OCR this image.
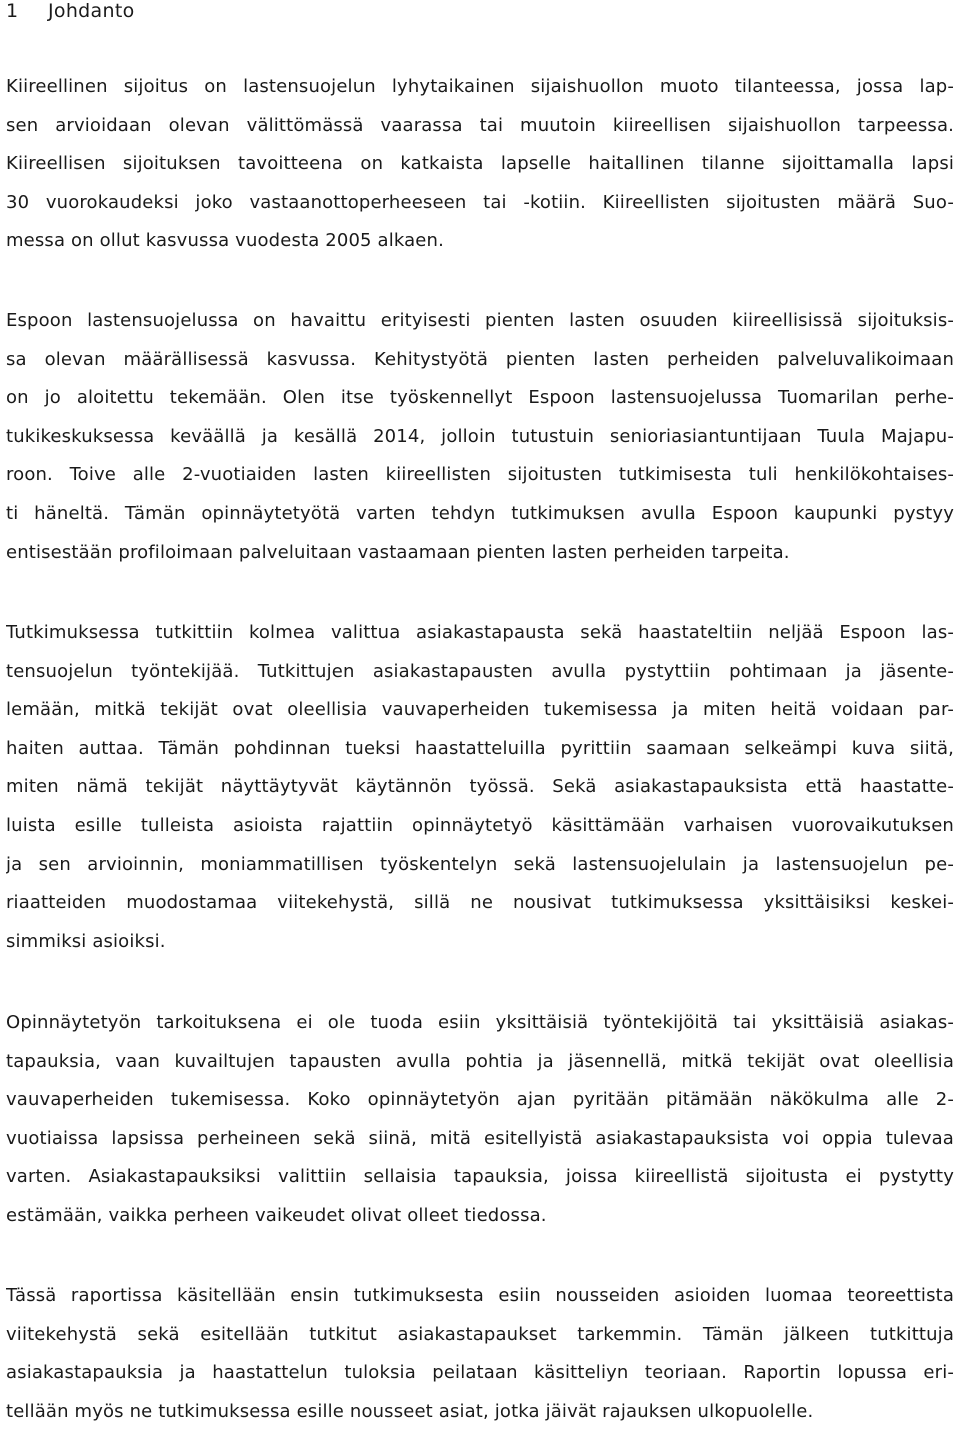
1 Johdanto

Kiireellinen sijoitus on lastensuojelun lyhytaikainen sijaishuollon muoto tilanteessa, jossa lap-
sen arvioidaan olevan välittömässä vaarassa tai muutoin kiireellisen sijaishuollon tarpeessa.
Kiireellisen sijoituksen tavoitteena on katkaista lapselle haitallinen tilanne sijoittamalla lapsi
30 vuorokaudeksi joko vastaanottoperheeseen tai -kotiin. Kiireellisten sijoitusten määrä Suo-
messa on ollut kasvussa vuodesta 2005 alkaen.

Espoon lastensuojelussa on havaittu erityisesti pienten lasten osuuden kiireellisissä sijoituksis-
sa olevan määrällisessä kasvussa. Kehitystyötä pienten lasten perheiden palveluvalikoimaan
on jo aloitettu tekemään. Olen itse työskennellyt Espoon lastensuojelussa Tuomarilan perhe-
tukikeskuksessa keväällä ja kesällä 2014, jolloin tutustuin senioriasiantuntijaan Tuula Majapu-
roon. Toive alle 2-vuotiaiden lasten kiireellisten sijoitusten tutkimisesta tuli henkilökohtaises-
ti häneltä. Tämän opinnäytetyötä varten tehdyn tutkimuksen avulla Espoon kaupunki pystyy
entisestään profiloimaan palveluitaan vastaamaan pienten lasten perheiden tarpeita.

Tutkimuksessa tutkittiin kolmea valittua asiakastapausta sekä haastateltiin neljää Espoon las-
tensuojelun työntekijää. Tutkittujen asiakastapausten avulla pystyttiin pohtimaan ja jäsente-
lemään, mitkä tekijät ovat oleellisia vauvaperheiden tukemisessa ja miten heitä voidaan par-
haiten auttaa. Tämän pohdinnan tueksi haastatteluilla pyrittiin saamaan selkeämpi kuva siitä,
miten nämä tekijät näyttäytyvät käytännön työssä. Sekä asiakastapauksista että haastatte-
luista esille tulleista asioista rajattiin opinnäytetyö käsittämään varhaisen vuorovaikutuksen
ja sen arvioinnin, moniammatillisen työskentelyn sekä lastensuojelulain ja lastensuojelun pe-
riaatteiden muodostamaa viitekehystä, sillä ne nousivat tutkimuksessa yksittäisiksi keskei-
simmiksi asioiksi.

Opinnäytetyön tarkoituksena ei ole tuoda esiin yksittäisiä työntekijöitä tai yksittäisiä asiakas-
tapauksia, vaan kuvailtujen tapausten avulla pohtia ja jäsennellä, mitkä tekijät ovat oleellisia
vauvaperheiden tukemisessa. Koko opinnäytetyön ajan pyritään pitämään näkökulma alle 2-
vuotiaissa lapsissa perheineen sekä siinä, mitä esitellyistä asiakastapauksista voi oppia tulevaa
varten. Asiakastapauksiksi valittiin sellaisia tapauksia, joissa kiireellistä sijoitusta ei pystytty
estämään, vaikka perheen vaikeudet olivat olleet tiedossa.

Tässä raportissa käsitellään ensin tutkimuksesta esiin nousseiden asioiden luomaa teoreettista
viitekehystä sekä esitellään tutkitut asiakastapaukset tarkemmin. Tämän jälkeen tutkittuja
asiakastapauksia ja haastattelun tuloksia peilataan käsitteliyn teoriaan. Raportin lopussa eri-
tellään myös ne tutkimuksessa esille nousseet asiat, jotka jäivät rajauksen ulkopuolelle.
